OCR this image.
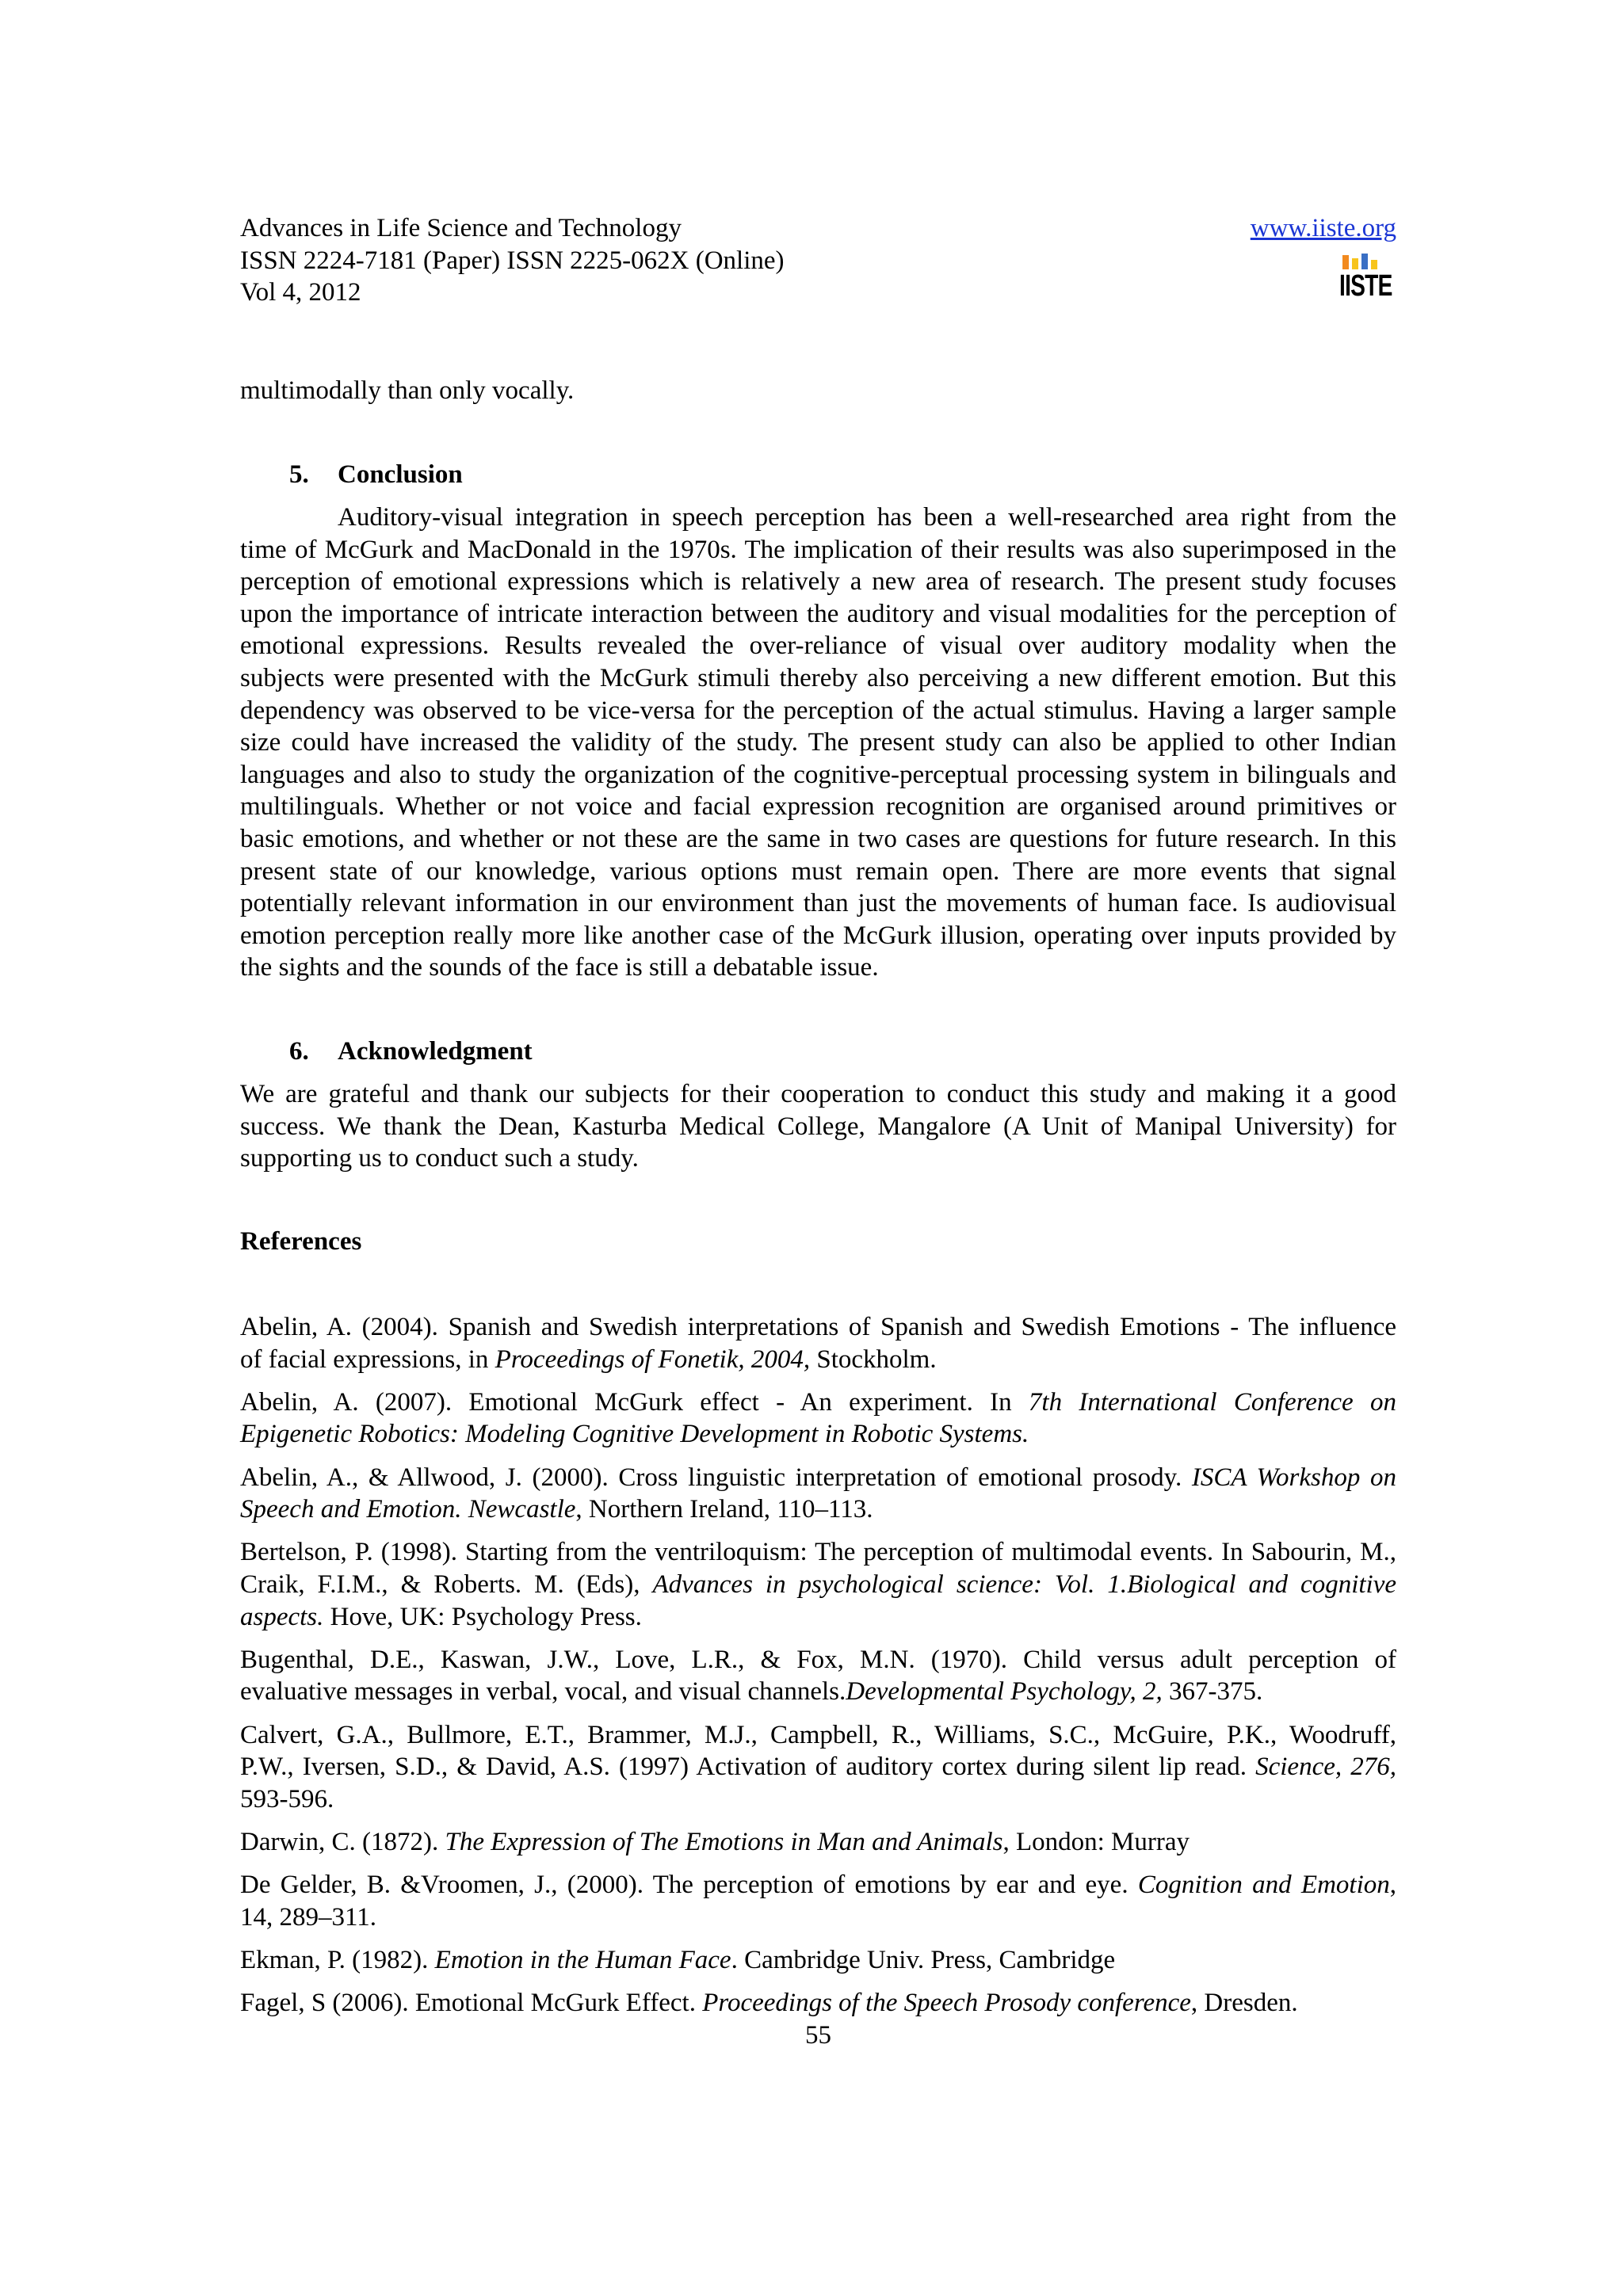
Advances in Life Science and Technology
ISSN 2224-7181 (Paper) ISSN 2225-062X (Online)
Vol 4, 2012
www.iiste.org
IISTE
multimodally than only vocally.
5. Conclusion
Auditory-visual integration in speech perception has been a well-researched area right from the
time of McGurk and MacDonald in the 1970s. The implication of their results was also superimposed in the
perception of emotional expressions which is relatively a new area of research. The present study focuses
upon the importance of intricate interaction between the auditory and visual modalities for the perception of
emotional expressions. Results revealed the over-reliance of visual over auditory modality when the
subjects were presented with the McGurk stimuli thereby also perceiving a new different emotion. But this
dependency was observed to be vice-versa for the perception of the actual stimulus. Having a larger sample
size could have increased the validity of the study. The present study can also be applied to other Indian
languages and also to study the organization of the cognitive-perceptual processing system in bilinguals and
multilinguals. Whether or not voice and facial expression recognition are organised around primitives or
basic emotions, and whether or not these are the same in two cases are questions for future research. In this
present state of our knowledge, various options must remain open. There are more events that signal
potentially relevant information in our environment than just the movements of human face. Is audiovisual
emotion perception really more like another case of the McGurk illusion, operating over inputs provided by
the sights and the sounds of the face is still a debatable issue.
6. Acknowledgment
We are grateful and thank our subjects for their cooperation to conduct this study and making it a good
success. We thank the Dean, Kasturba Medical College, Mangalore (A Unit of Manipal University) for
supporting us to conduct such a study.
References
Abelin, A. (2004). Spanish and Swedish interpretations of Spanish and Swedish Emotions - The influence
of facial expressions, in Proceedings of Fonetik, 2004, Stockholm.
Abelin, A. (2007). Emotional McGurk effect - An experiment. In 7th International Conference on
Epigenetic Robotics: Modeling Cognitive Development in Robotic Systems.
Abelin, A., & Allwood, J. (2000). Cross linguistic interpretation of emotional prosody. ISCA Workshop on
Speech and Emotion. Newcastle, Northern Ireland, 110–113.
Bertelson, P. (1998). Starting from the ventriloquism: The perception of multimodal events. In Sabourin, M.,
Craik, F.I.M., & Roberts. M. (Eds), Advances in psychological science: Vol. 1.Biological and cognitive
aspects. Hove, UK: Psychology Press.
Bugenthal, D.E., Kaswan, J.W., Love, L.R., & Fox, M.N. (1970). Child versus adult perception of
evaluative messages in verbal, vocal, and visual channels.Developmental Psychology, 2, 367-375.
Calvert, G.A., Bullmore, E.T., Brammer, M.J., Campbell, R., Williams, S.C., McGuire, P.K., Woodruff,
P.W., Iversen, S.D., & David, A.S. (1997) Activation of auditory cortex during silent lip read. Science, 276,
593-596.
Darwin, C. (1872). The Expression of The Emotions in Man and Animals, London: Murray
De Gelder, B. &Vroomen, J., (2000). The perception of emotions by ear and eye. Cognition and Emotion,
14, 289–311.
Ekman, P. (1982). Emotion in the Human Face. Cambridge Univ. Press, Cambridge
Fagel, S (2006). Emotional McGurk Effect. Proceedings of the Speech Prosody conference, Dresden.
55
